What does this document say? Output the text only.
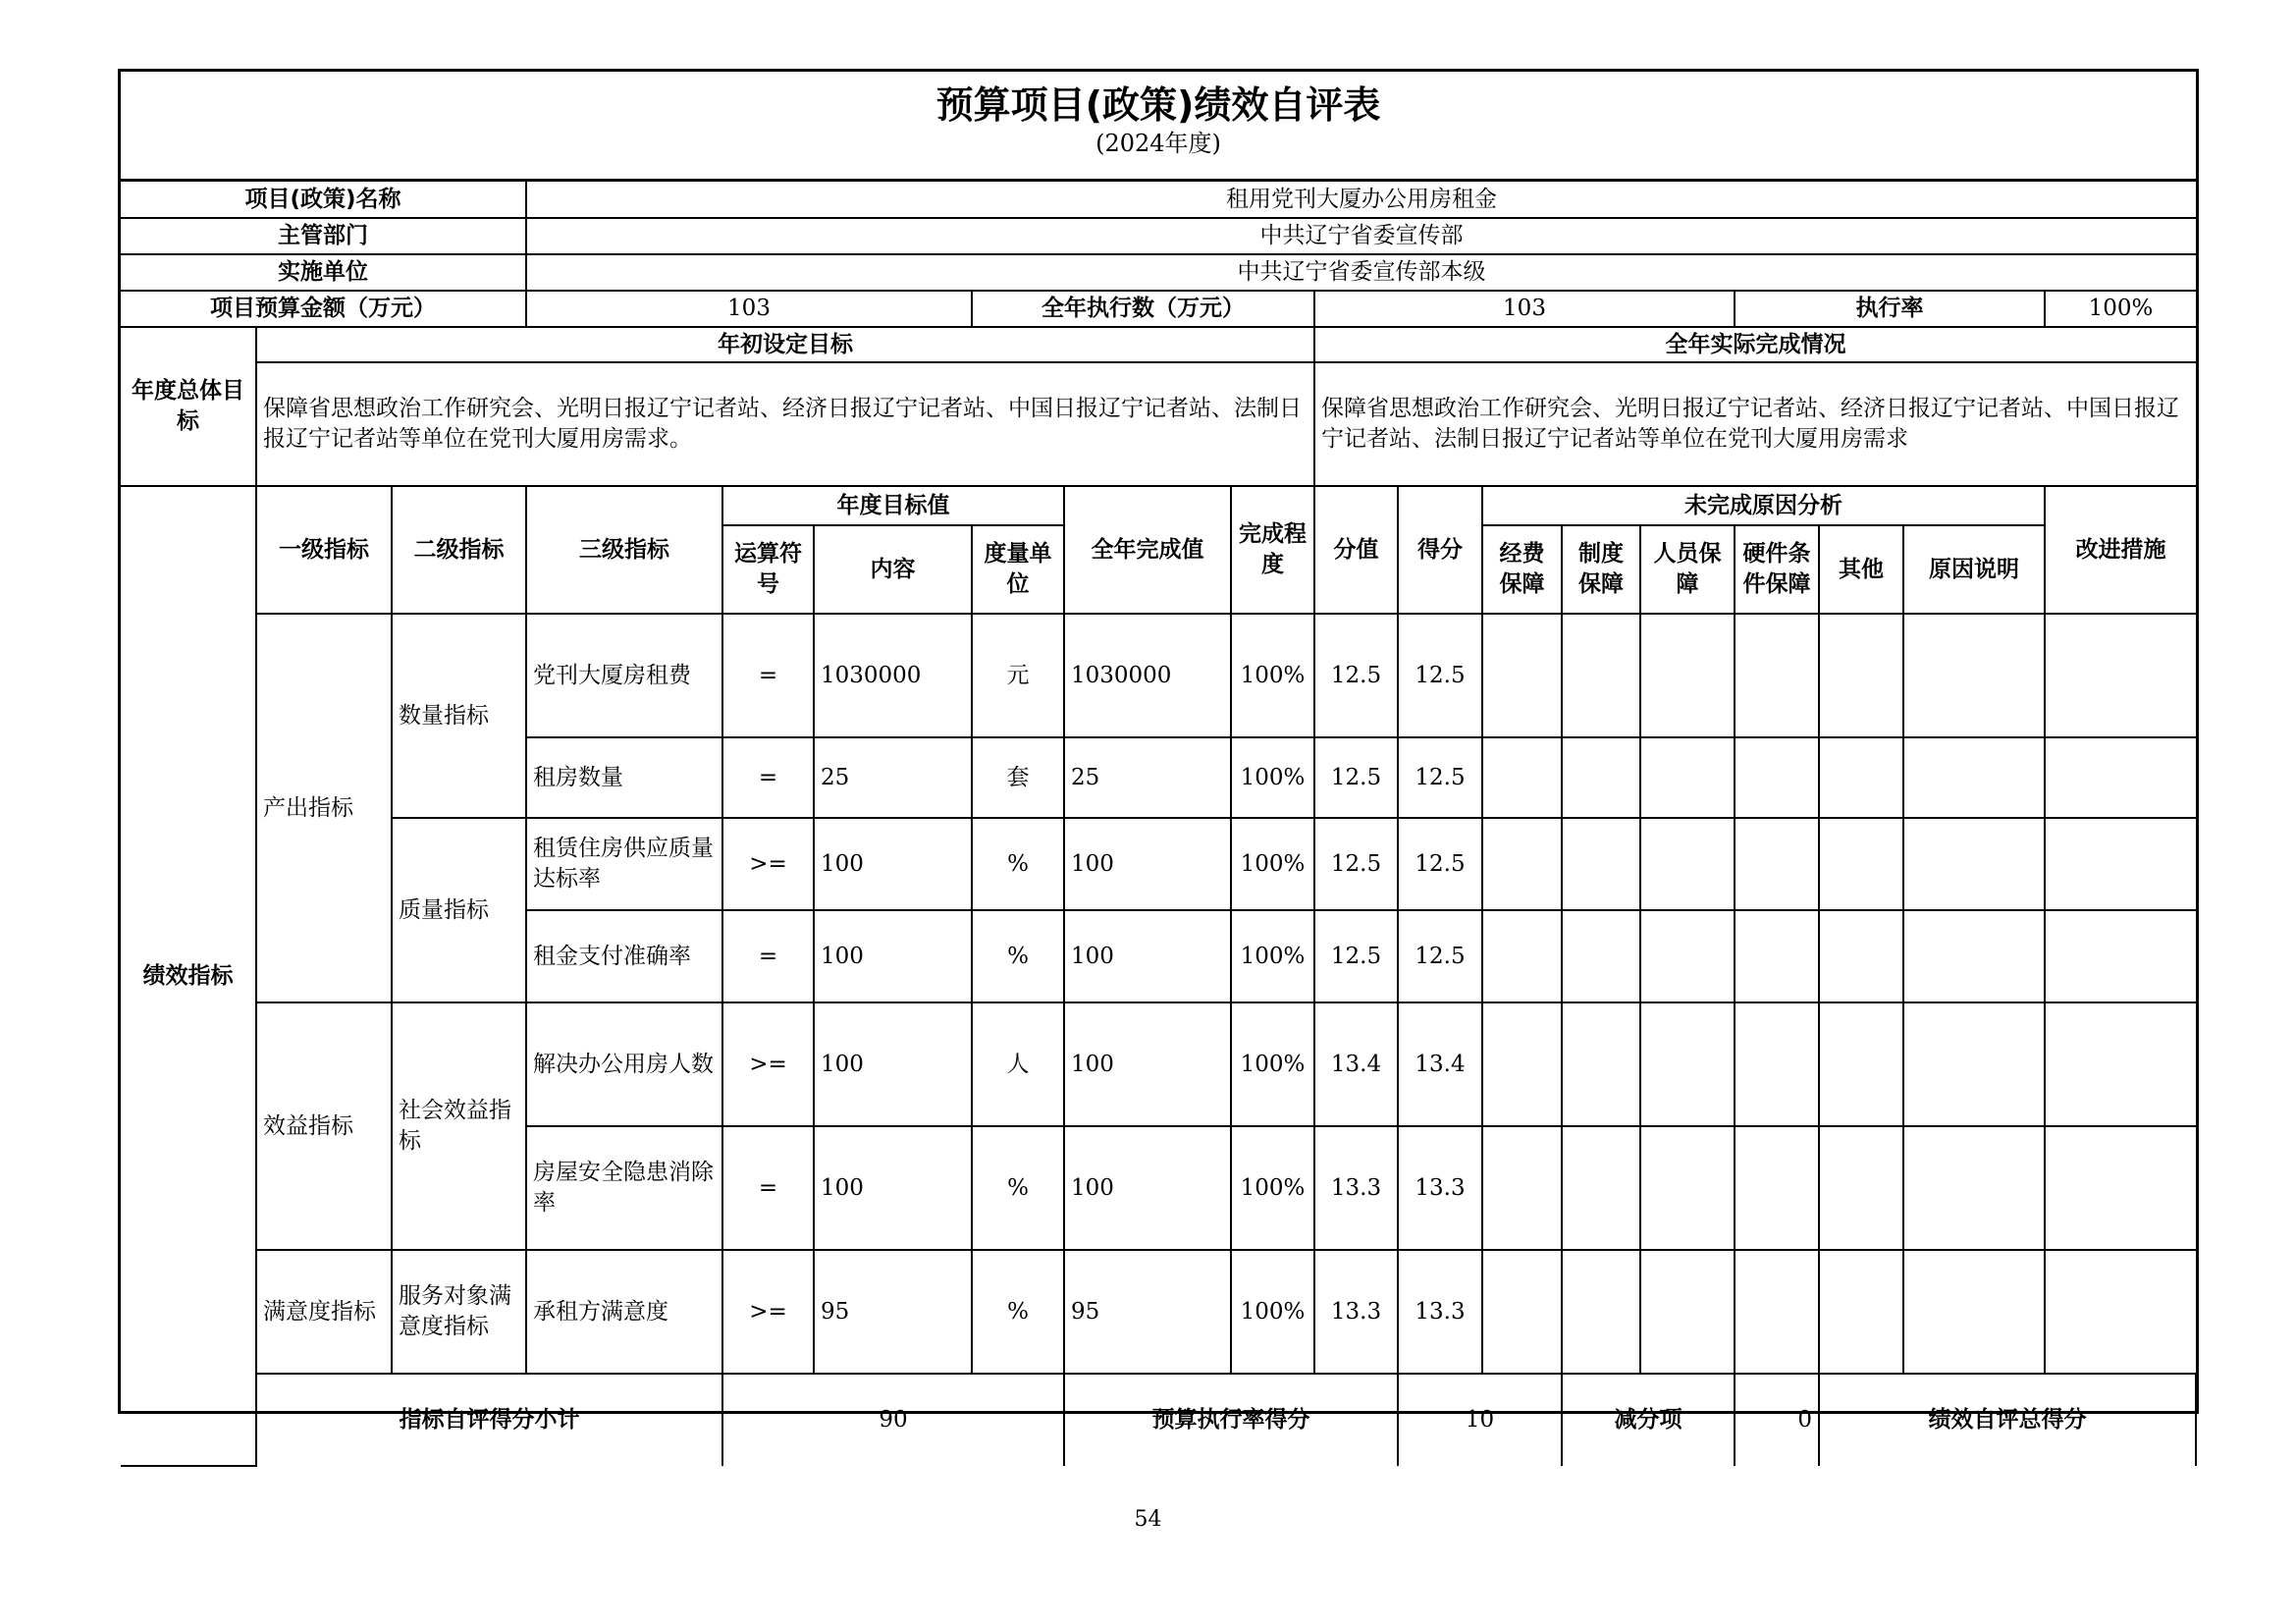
预算项目(政策)绩效自评表
(2024年度)
项目(政策)名称			租用党刊大厦办公用房租金															
主管部门			中共辽宁省委宣传部															
实施单位			中共辽宁省委宣传部本级															
项目预算金额（万元）			103			全年执行数（万元）			103					执行率			100%	
年度总体目标	年初设定目标								全年实际完成情况									
	保障省思想政治工作研究会、光明日报辽宁记者站、经济日报辽宁记者站、中国日报辽宁记者站、法制日报辽宁记者站等单位在党刊大厦用房需求。								保障省思想政治工作研究会、光明日报辽宁记者站、经济日报辽宁记者站、中国日报辽宁记者站、法制日报辽宁记者站等单位在党刊大厦用房需求									
绩效指标	一级指标	二级指标	三级指标	年度目标值			全年完成值	完成程度	分值	得分	未完成原因分析						改进措施	
				运算符号	内容	度量单位					经费保障	制度保障	人员保障	硬件条件保障	其他	原因说明		
	产出指标	数量指标	党刊大厦房租费	=	1030000	元	1030000	100%	12.5	12.5								
			租房数量	=	25	套	25	100%	12.5	12.5								
		质量指标	租赁住房供应质量达标率	>=	100	%	100	100%	12.5	12.5								
			租金支付准确率	=	100	%	100	100%	12.5	12.5								
	效益指标	社会效益指标	解决办公用房人数	>=	100	人	100	100%	13.4	13.4								
			房屋安全隐患消除率	=	100	%	100	100%	13.3	13.3								
	满意度指标	服务对象满意度指标	承租方满意度	>=	95	%	95	100%	13.3	13.3								
	指标自评得分小计			90			预算执行率得分			10		减分项		0	绩效自评总得分	
54
